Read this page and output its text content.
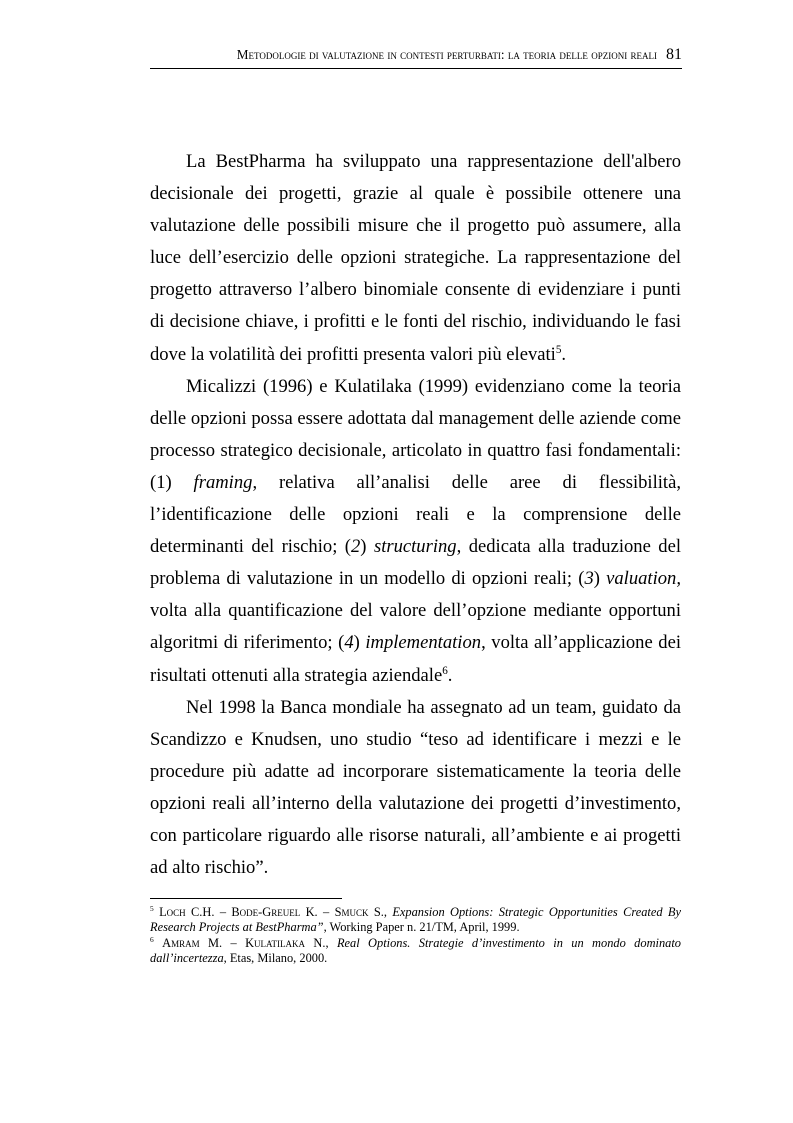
Metodologie di valutazione in contesti perturbati: la teoria delle opzioni reali 81

La BestPharma ha sviluppato una rappresentazione dell'albero decisionale dei progetti, grazie al quale è possibile ottenere una valutazione delle possibili misure che il progetto può assumere, alla luce dell’esercizio delle opzioni strategiche. La rappresentazione del progetto attraverso l’albero binomiale consente di evidenziare i punti di decisione chiave, i profitti e le fonti del rischio, individuando le fasi dove la volatilità dei profitti presenta valori più elevati$^5$.

Micalizzi (1996) e Kulatilaka (1999) evidenziano come la teoria delle opzioni possa essere adottata dal management delle aziende come processo strategico decisionale, articolato in quattro fasi fondamentali: (1) framing, relativa all’analisi delle aree di flessibilità, l’identificazione delle opzioni reali e la comprensione delle determinanti del rischio; (2) structuring, dedicata alla traduzione del problema di valutazione in un modello di opzioni reali; (3) valuation, volta alla quantificazione del valore dell’opzione mediante opportuni algoritmi di riferimento; (4) implementation, volta all’applicazione dei risultati ottenuti alla strategia aziendale$^6$.

Nel 1998 la Banca mondiale ha assegnato ad un team, guidato da Scandizzo e Knudsen, uno studio “teso ad identificare i mezzi e le procedure più adatte ad incorporare sistematicamente la teoria delle opzioni reali all’interno della valutazione dei progetti d’investimento, con particolare riguardo alle risorse naturali, all’ambiente e ai progetti ad alto rischio”.

$^5$ Loch C.H. – Bode-Greuel K. – Smuck S., Expansion Options: Strategic Opportunities Created By Research Projects at BestPharma”, Working Paper n. 21/TM, April, 1999.

$^6$ Amram M. – Kulatilaka N., Real Options. Strategie d’investimento in un mondo dominato dall’incertezza, Etas, Milano, 2000.
